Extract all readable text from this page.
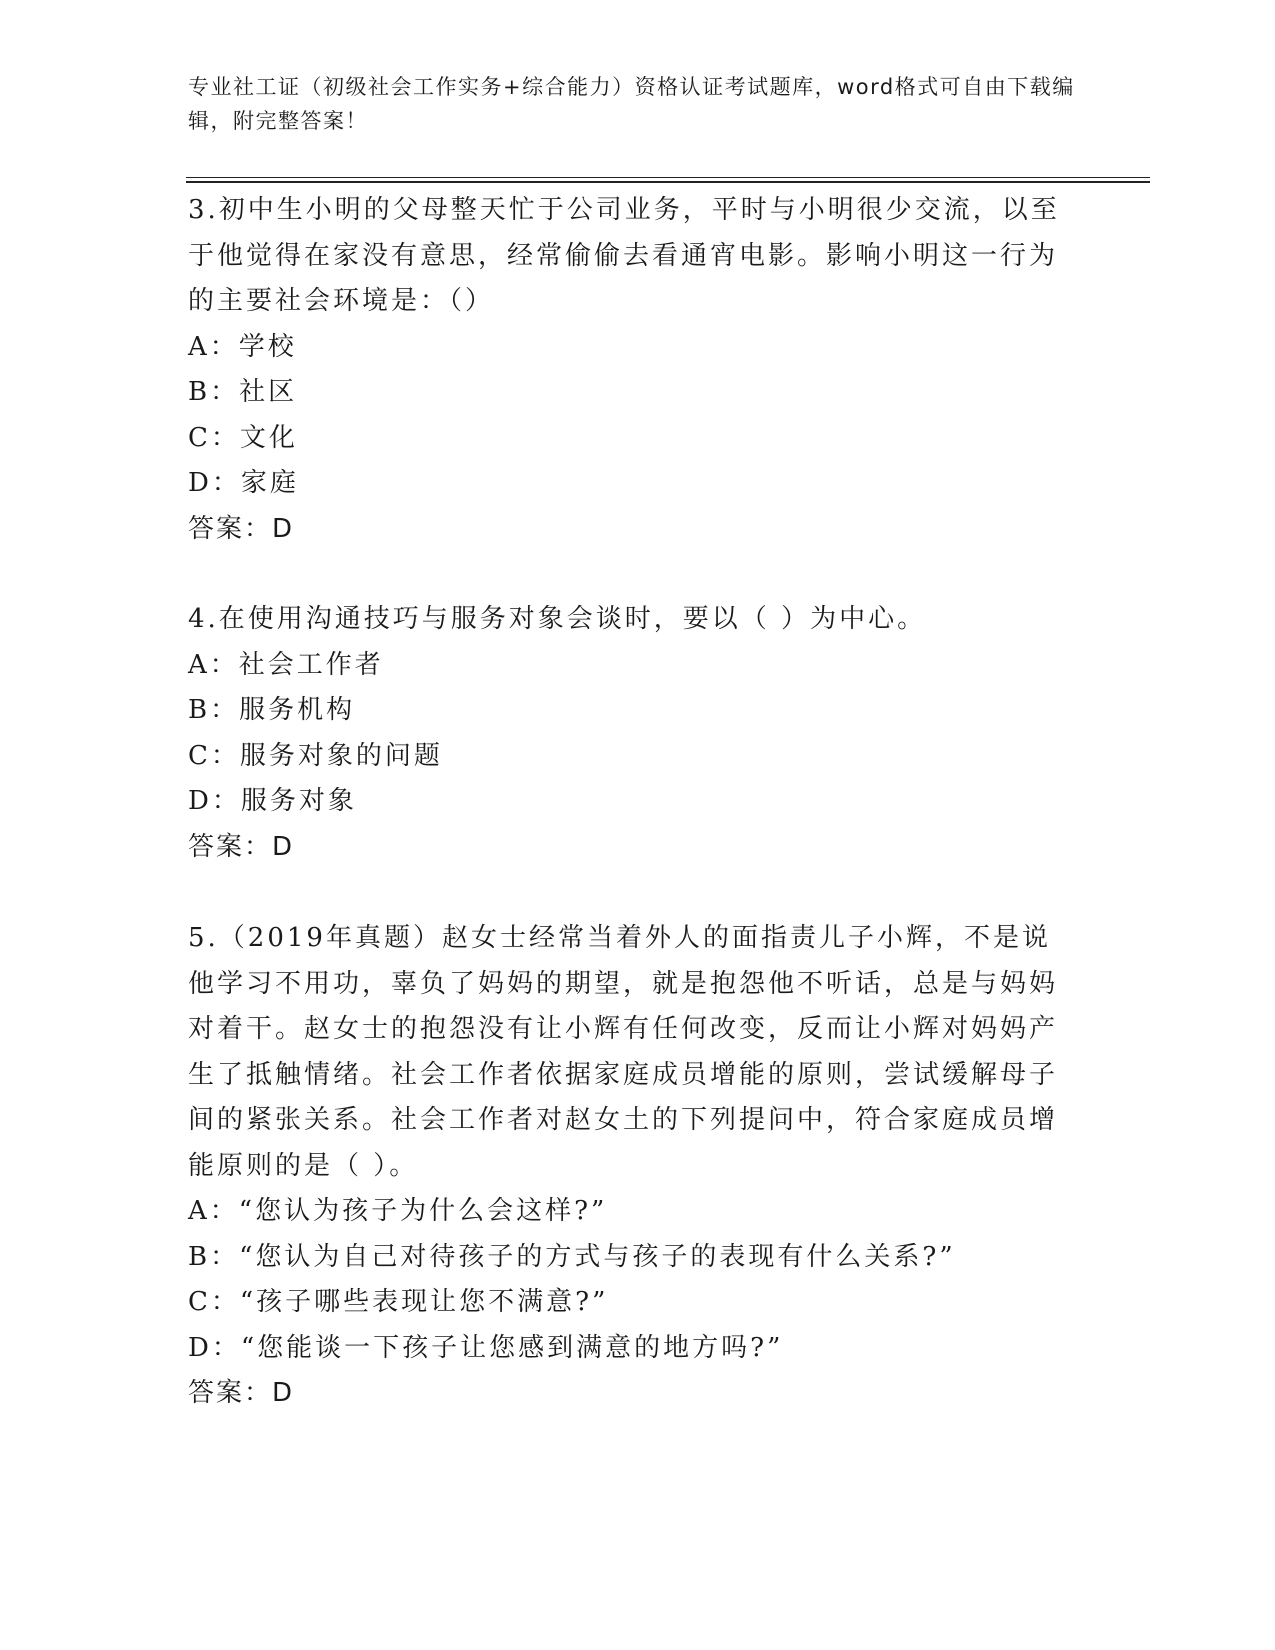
专业社工证（初级社会工作实务+综合能力）资格认证考试题库，word格式可自由下载编辑，附完整答案！

3.初中生小明的父母整天忙于公司业务，平时与小明很少交流，以至于他觉得在家没有意思，经常偷偷去看通宵电影。影响小明这一行为的主要社会环境是：（）

A：学校

B：社区

C：文化

D：家庭

答案：D

4.在使用沟通技巧与服务对象会谈时，要以（ ）为中心。

A：社会工作者

B：服务机构

C：服务对象的问题

D：服务对象

答案：D

5.（2019年真题）赵女士经常当着外人的面指责儿子小辉，不是说他学习不用功，辜负了妈妈的期望，就是抱怨他不听话，总是与妈妈对着干。赵女士的抱怨没有让小辉有任何改变，反而让小辉对妈妈产生了抵触情绪。社会工作者依据家庭成员增能的原则，尝试缓解母子间的紧张关系。社会工作者对赵女土的下列提问中，符合家庭成员增能原则的是（ ）。

A：“您认为孩子为什么会这样?”

B：“您认为自己对待孩子的方式与孩子的表现有什么关系?”

C：“孩子哪些表现让您不满意?”

D：“您能谈一下孩子让您感到满意的地方吗?”

答案：D
